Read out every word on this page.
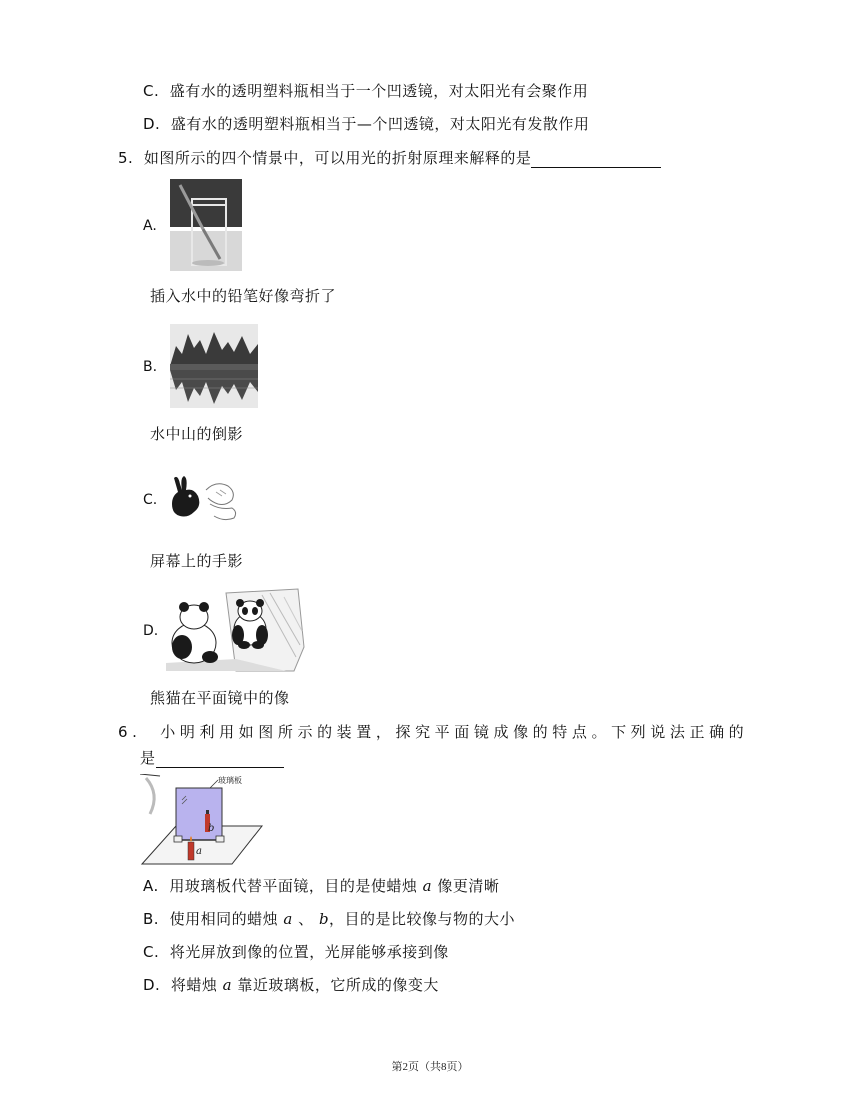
C. 盛有水的透明塑料瓶相当于一个凹透镜，对太阳光有会聚作用
D. 盛有水的透明塑料瓶相当于—个凹透镜，对太阳光有发散作用
5. 如图所示的四个情景中，可以用光的折射原理来解释的是
A.
插入水中的铅笔好像弯折了
B.
水中山的倒影
C.
屏幕上的手影
D.
熊猫在平面镜中的像
6. 小明利用如图所示的装置，探究平面镜成像的特点。下列说法正确的
是
玻璃板
b
a
A. 用玻璃板代替平面镜，目的是使蜡烛 a 像更清晰
B. 使用相同的蜡烛 a 、 b，目的是比较像与物的大小
C. 将光屏放到像的位置，光屏能够承接到像
D. 将蜡烛 a 靠近玻璃板，它所成的像变大
第2页（共8页）
